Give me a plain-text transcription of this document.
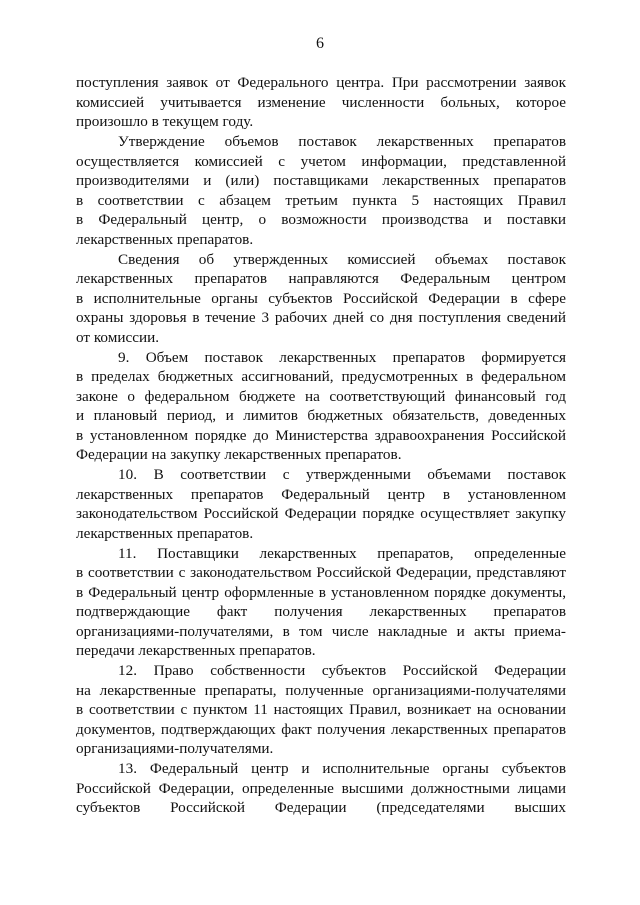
6
поступления заявок от Федерального центра. При рассмотрении заявок
комиссией учитывается изменение численности больных, которое
произошло в текущем году.
Утверждение объемов поставок лекарственных препаратов
осуществляется комиссией с учетом информации, представленной
производителями и (или) поставщиками лекарственных препаратов
в соответствии с абзацем третьим пункта 5 настоящих Правил
в Федеральный центр, о возможности производства и поставки
лекарственных препаратов.
Сведения об утвержденных комиссией объемах поставок
лекарственных препаратов направляются Федеральным центром
в исполнительные органы субъектов Российской Федерации в сфере
охраны здоровья в течение 3 рабочих дней со дня поступления сведений
от комиссии.
9. Объем поставок лекарственных препаратов формируется
в пределах бюджетных ассигнований, предусмотренных в федеральном
законе о федеральном бюджете на соответствующий финансовый год
и плановый период, и лимитов бюджетных обязательств, доведенных
в установленном порядке до Министерства здравоохранения Российской
Федерации на закупку лекарственных препаратов.
10. В соответствии с утвержденными объемами поставок
лекарственных препаратов Федеральный центр в установленном
законодательством Российской Федерации порядке осуществляет закупку
лекарственных препаратов.
11. Поставщики лекарственных препаратов, определенные
в соответствии с законодательством Российской Федерации, представляют
в Федеральный центр оформленные в установленном порядке документы,
подтверждающие факт получения лекарственных препаратов
организациями-получателями, в том числе накладные и акты приема-
передачи лекарственных препаратов.
12. Право собственности субъектов Российской Федерации
на лекарственные препараты, полученные организациями-получателями
в соответствии с пунктом 11 настоящих Правил, возникает на основании
документов, подтверждающих факт получения лекарственных препаратов
организациями-получателями.
13. Федеральный центр и исполнительные органы субъектов
Российской Федерации, определенные высшими должностными лицами
субъектов Российской Федерации (председателями высших
